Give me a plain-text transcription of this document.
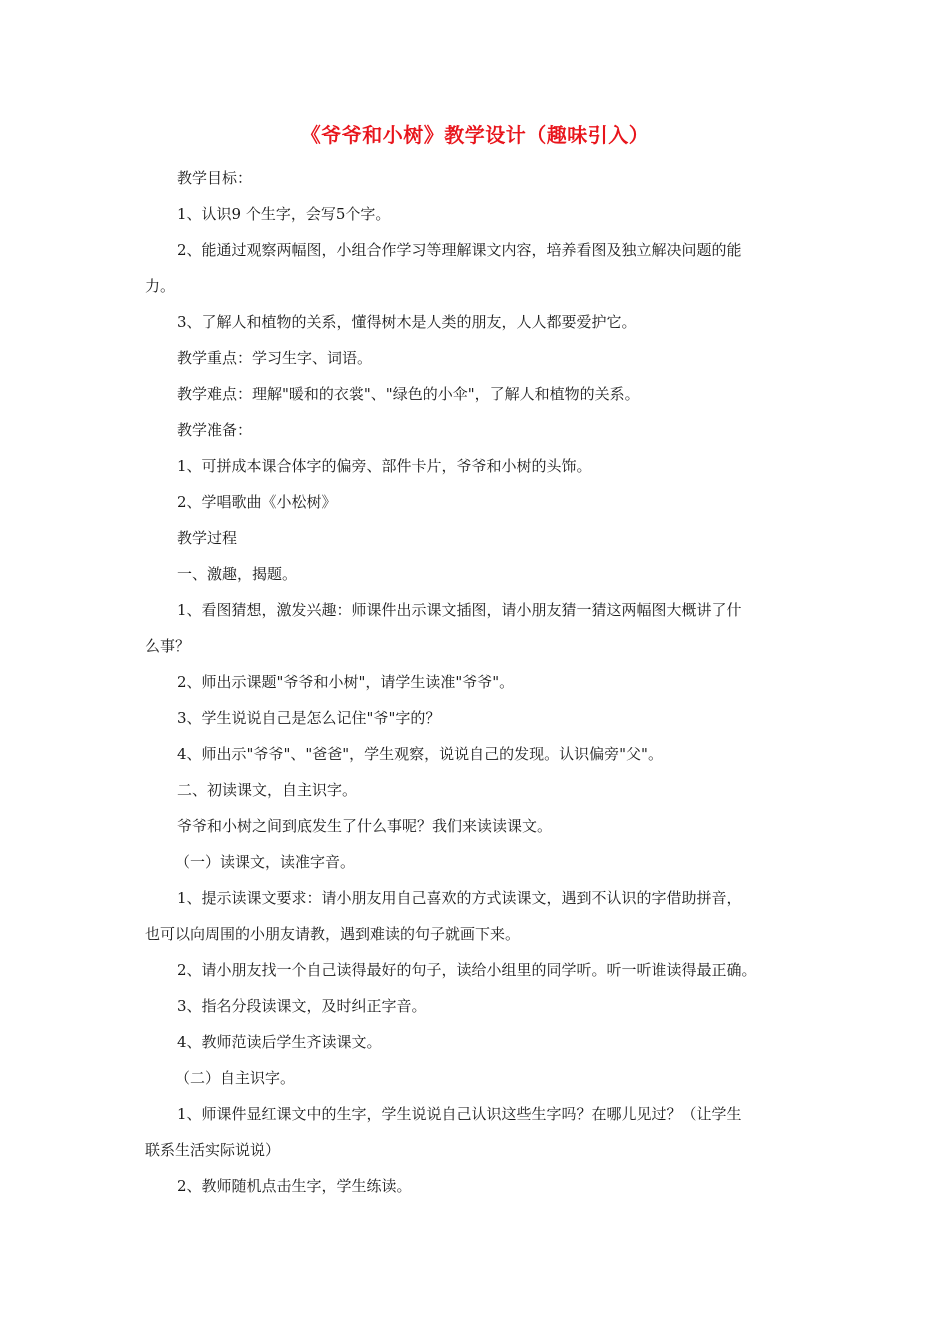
《爷爷和小树》教学设计（趣味引入）
教学目标：
1、认识9 个生字，会写5个字。
2、能通过观察两幅图，小组合作学习等理解课文内容，培养看图及独立解决问题的能
力。
3、了解人和植物的关系，懂得树木是人类的朋友，人人都要爱护它。
教学重点：学习生字、词语。
教学难点：理解"暖和的衣裳"、"绿色的小伞"，了解人和植物的关系。
教学准备：
1、可拼成本课合体字的偏旁、部件卡片，爷爷和小树的头饰。
2、学唱歌曲《小松树》
教学过程
一、激趣，揭题。
1、看图猜想，激发兴趣：师课件出示课文插图，请小朋友猜一猜这两幅图大概讲了什
么事？
2、师出示课题"爷爷和小树"，请学生读准"爷爷"。
3、学生说说自己是怎么记住"爷"字的？
4、师出示"爷爷"、"爸爸"，学生观察，说说自己的发现。认识偏旁"父"。
二、初读课文，自主识字。
爷爷和小树之间到底发生了什么事呢？我们来读读课文。
（一）读课文，读准字音。
1、提示读课文要求：请小朋友用自己喜欢的方式读课文，遇到不认识的字借助拼音，
也可以向周围的小朋友请教，遇到难读的句子就画下来。
2、请小朋友找一个自己读得最好的句子，读给小组里的同学听。听一听谁读得最正确。
3、指名分段读课文，及时纠正字音。
4、教师范读后学生齐读课文。
（二）自主识字。
1、师课件显红课文中的生字，学生说说自己认识这些生字吗？在哪儿见过？（让学生
联系生活实际说说）
2、教师随机点击生字，学生练读。
